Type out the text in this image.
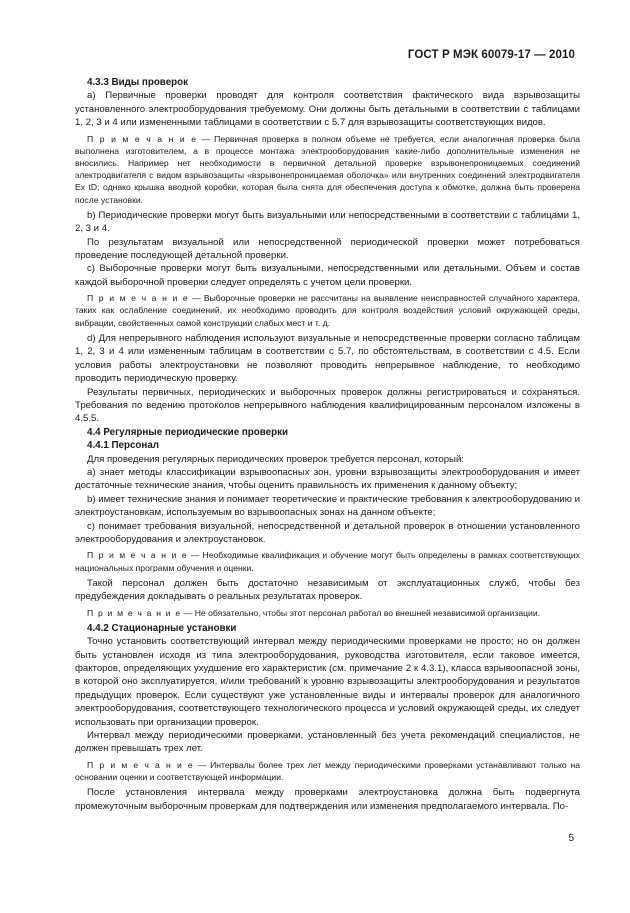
ГОСТ Р МЭК 60079-17 — 2010

4.3.3 Виды проверок

а) Первичные проверки проводят для контроля соответствия фактического вида взрывозащиты установленного электрооборудования требуемому. Они должны быть детальными в соответствии с таблицами 1, 2, 3 и 4 или измененными таблицами в соответствии с 5.7 для взрывозащиты соответствующих видов.

П р и м е ч а н и е — Первичная проверка в полном объеме не требуется, если аналогичная проверка была выполнена изготовителем, а в процессе монтажа электрооборудования какие-либо дополнительные изменения не вносились. Например нет необходимости в первичной детальной проверке взрывонепроницаемых соединений электродвигателя с видом взрывозащиты «взрывонепроницаемая оболочка» или внутренних соединений электродвигателя Ex tD; однако крышка вводной коробки, которая была снята для обеспечения доступа к обмотке, должна быть проверена после установки.

b) Периодические проверки могут быть визуальными или непосредственными в соответствии с таблицами 1, 2, 3 и 4.

По результатам визуальной или непосредственной периодической проверки может потребоваться проведение последующей детальной проверки.

c) Выборочные проверки могут быть визуальными, непосредственными или детальными. Объем и состав каждой выборочной проверки следует определять с учетом цели проверки.

П р и м е ч а н и е — Выборочные проверки не рассчитаны на выявление неисправностей случайного характера, таких как ослабление соединений, их необходимо проводить для контроля воздействия условий окружающей среды, вибрации, свойственных самой конструкции слабых мест и т. д.

d) Для непрерывного наблюдения используют визуальные и непосредственные проверки согласно таблицам 1, 2, 3 и 4 или измененным таблицам в соответствии с 5.7, по обстоятельствам, в соответствии с 4.5. Если условия работы электроустановки не позволяют проводить непрерывное наблюдение, то необходимо проводить периодическую проверку.

Результаты первичных, периодических и выборочных проверок должны регистрироваться и сохраняться. Требования по ведению протоколов непрерывного наблюдения квалифицированным персоналом изложены в 4.5.5.

4.4 Регулярные периодические проверки

4.4.1 Персонал

Для проведения регулярных периодических проверок требуется персонал, который:

а) знает методы классификации взрывоопасных зон, уровни взрывозащиты электрооборудования и имеет достаточные технические знания, чтобы оценить правильность их применения к данному объекту;

b) имеет технические знания и понимает теоретические и практические требования к электрооборудованию и электроустановкам, используемым во взрывоопасных зонах на данном объекте;

c) понимает требования визуальной, непосредственной и детальной проверок в отношении установленного электрооборудования и электроустановок.

П р и м е ч а н и е — Необходимые квалификация и обучение могут быть определены в рамках соответствующих национальных программ обучения и оценки.

Такой персонал должен быть достаточно независимым от эксплуатационных служб, чтобы без предубеждения докладывать о реальных результатах проверок.

П р и м е ч а н и е — Не обязательно, чтобы этот персонал работал во внешней независимой организации.

4.4.2 Стационарные установки

Точно установить соответствующий интервал между периодическими проверками не просто; но он должен быть установлен исходя из типа электрооборудования, руководства изготовителя, если таковое имеется, факторов, определяющих ухудшение его характеристик (см. примечание 2 к 4.3.1), класса взрывоопасной зоны, в которой оно эксплуатируется, и/или требований к уровню взрывозащиты электрооборудования и результатов предыдущих проверок. Если существуют уже установленные виды и интервалы проверок для аналогичного электрооборудования, соответствующего технологического процесса и условий окружающей среды, их следует использовать при организации проверок.

Интервал между периодическими проверками, установленный без учета рекомендаций специалистов, не должен превышать трех лет.

П р и м е ч а н и е — Интервалы более трех лет между периодическими проверками устанавливают только на основании оценки и соответствующей информации.

После установления интервала между проверками электроустановка должна быть подвергнута промежуточным выборочным проверкам для подтверждения или изменения предполагаемого интервала. По-

5
